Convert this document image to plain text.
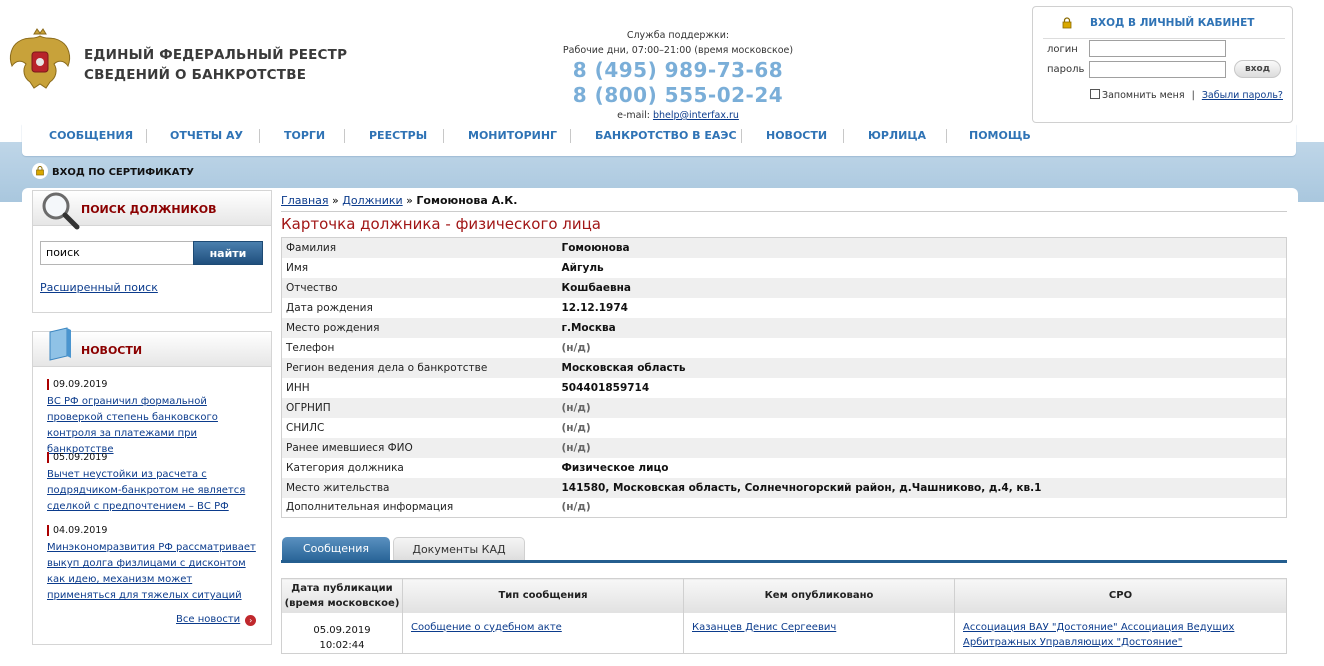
ЕДИНЫЙ ФЕДЕРАЛЬНЫЙ РЕЕСТР
СВЕДЕНИЙ О БАНКРОТСТВЕ
Служба поддержки:
Рабочие дни, 07:00–21:00 (время московское)
8 (495) 989-73-68
8 (800) 555-02-24
e-mail: bhelp@interfax.ru
ВХОД В ЛИЧНЫЙ КАБИНЕТ
логин
пароль	вход
Запомнить меня | Забыли пароль?
СООБЩЕНИЯ	ОТЧЕТЫ АУ	ТОРГИ	РЕЕСТРЫ	МОНИТОРИНГ	БАНКРОТСТВО В ЕАЭС	НОВОСТИ	ЮРЛИЦА	ПОМОЩЬ
ВХОД ПО СЕРТИФИКАТУ
ПОИСК ДОЛЖНИКОВ
поиск	найти
Расширенный поиск
НОВОСТИ
09.09.2019
ВС РФ ограничил формальной проверкой степень банковского контроля за платежами при банкротстве
05.09.2019
Вычет неустойки из расчета с подрядчиком-банкротом не является сделкой с предпочтением – ВС РФ
04.09.2019
Минэкономразвития РФ рассматривает выкуп долга физлицами с дисконтом как идею, механизм может применяться для тяжелых ситуаций
Все новости ›
Главная » Должники » Гомоюнова А.К.
Карточка должника - физического лица
Фамилия	Гомоюнова
Имя	Айгуль
Отчество	Кошбаевна
Дата рождения	12.12.1974
Место рождения	г.Москва
Телефон	(н/д)
Регион ведения дела о банкротстве	Московская область
ИНН	504401859714
ОГРНИП	(н/д)
СНИЛС	(н/д)
Ранее имевшиеся ФИО	(н/д)
Категория должника	Физическое лицо
Место жительства	141580, Московская область, Солнечногорский район, д.Чашниково, д.4, кв.1
Дополнительная информация	(н/д)
Сообщения	Документы КАД
Дата публикации
(время московское)	Тип сообщения	Кем опубликовано	СРО
05.09.2019 10:02:44	Сообщение о судебном акте	Казанцев Денис Сергеевич	Ассоциация ВАУ "Достояние" Ассоциация Ведущих Арбитражных Управляющих "Достояние"
